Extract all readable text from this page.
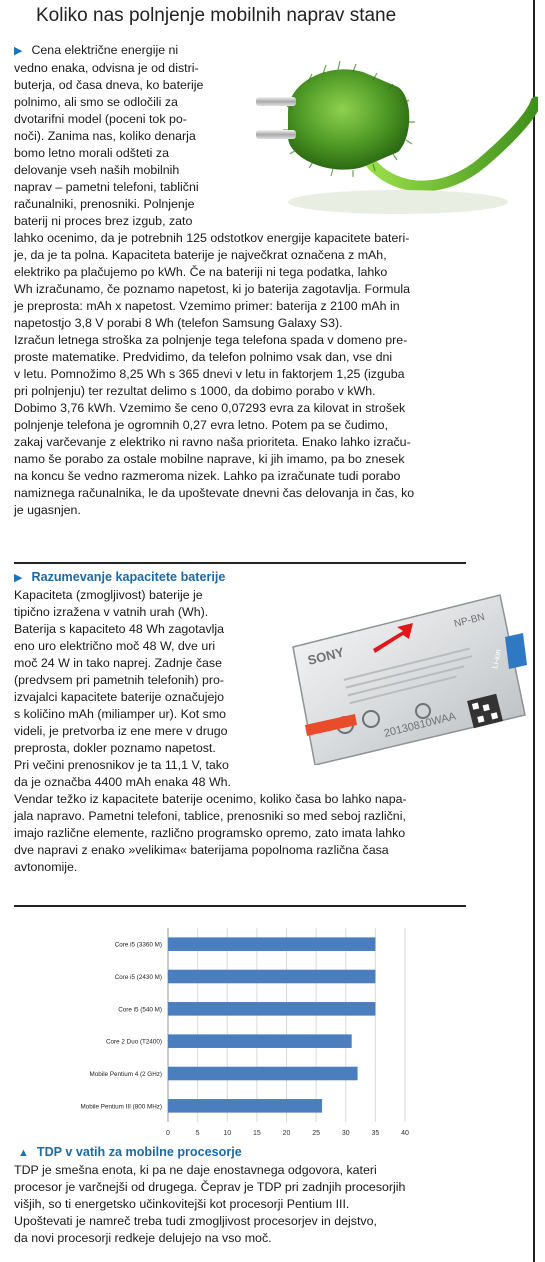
Koliko nas polnjenje mobilnih naprav stane

▶ Cena električne energije ni

vedno enaka, odvisna je od distri-

buterja, od časa dneva, ko baterije

polnimo, ali smo se odločili za

dvotarifni model (poceni tok po-

noči). Zanima nas, koliko denarja

bomo letno morali odšteti za

delovanje vseh naših mobilnih

naprav – pametni telefoni, tablični

računalniki, prenosniki. Polnjenje

baterij ni proces brez izgub, zato

lahko ocenimo, da je potrebnih 125 odstotkov energije kapacitete bateri-

je, da je ta polna. Kapaciteta baterije je največkrat označena z mAh,

elektriko pa plačujemo po kWh. Če na bateriji ni tega podatka, lahko

Wh izračunamo, če poznamo napetost, ki jo baterija zagotavlja. Formula

je preprosta: mAh x napetost. Vzemimo primer: baterija z 2100 mAh in

napetostjo 3,8 V porabi 8 Wh (telefon Samsung Galaxy S3).

Izračun letnega stroška za polnjenje tega telefona spada v domeno pre-

proste matematike. Predvidimo, da telefon polnimo vsak dan, vse dni

v letu. Pomnožimo 8,25 Wh s 365 dnevi v letu in faktorjem 1,25 (izguba

pri polnjenju) ter rezultat delimo s 1000, da dobimo porabo v kWh.

Dobimo 3,76 kWh. Vzemimo še ceno 0,07293 evra za kilovat in strošek

polnjenje telefona je ogromnih 0,27 evra letno. Potem pa se čudimo,

zakaj varčevanje z elektriko ni ravno naša prioriteta. Enako lahko izraču-

namo še porabo za ostale mobilne naprave, ki jih imamo, pa bo znesek

na koncu še vedno razmeroma nizek. Lahko pa izračunate tudi porabo

namiznega računalnika, le da upoštevate dnevni čas delovanja in čas, ko

je ugasnjen.

▶ Razumevanje kapacitete baterije

Kapaciteta (zmogljivost) baterije je

tipično izražena v vatnih urah (Wh).

Baterija s kapaciteto 48 Wh zagotavlja

eno uro električno moč 48 W, dve uri

moč 24 W in tako naprej. Zadnje čase

(predvsem pri pametnih telefonih) pro-

izvajalci kapacitete baterije označujejo

s količino mAh (miliamper ur). Kot smo

videli, je pretvorba iz ene mere v drugo

preprosta, dokler poznamo napetost.

Pri večini prenosnikov je ta 11,1 V, tako

da je označba 4400 mAh enaka 48 Wh.

Vendar težko iz kapacitete baterije ocenimo, koliko časa bo lahko napa-

jala napravo. Pametni telefoni, tablice, prenosniki so med seboj različni,

imajo različne elemente, različno programsko opremo, zato imata lahko

dve napravi z enako »velikima« baterijama popolnoma različna časa

avtonomije.

NP-BN
SONY
20130810WAA
Li-ion
0	5	10	15	20	25	30	35	40
Core i5 (3360 M)
Core i5 (2430 M)
Core i5 (540 M)
Core 2 Duo (T2400)
Mobile Pentium 4 (2 GHz)
Mobile Pentium III (800 MHz)

▲ TDP v vatih za mobilne procesorje

TDP je smešna enota, ki pa ne daje enostavnega odgovora, kateri

procesor je varčnejši od drugega. Čeprav je TDP pri zadnjih procesorjih

višjih, so ti energetsko učinkovitejši kot procesorji Pentium III.

Upoštevati je namreč treba tudi zmogljivost procesorjev in dejstvo,

da novi procesorji redkeje delujejo na vso moč.
